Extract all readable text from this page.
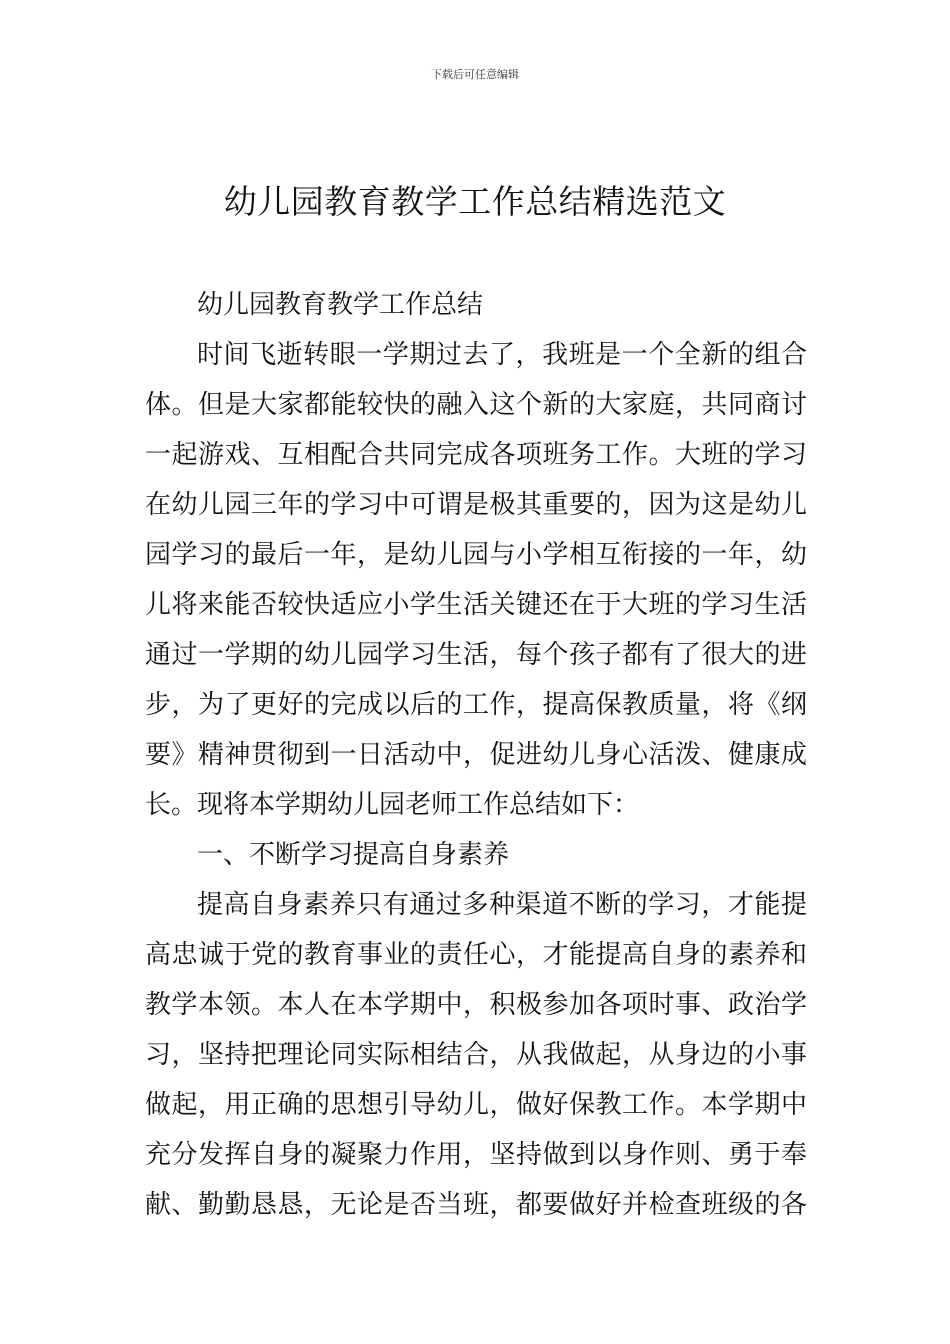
下载后可任意编辑
幼儿园教育教学工作总结精选范文
幼儿园教育教学工作总结
时间飞逝转眼一学期过去了，我班是一个全新的组合
体。但是大家都能较快的融入这个新的大家庭，共同商讨
一起游戏、互相配合共同完成各项班务工作。大班的学习
在幼儿园三年的学习中可谓是极其重要的，因为这是幼儿
园学习的最后一年，是幼儿园与小学相互衔接的一年，幼
儿将来能否较快适应小学生活关键还在于大班的学习生活
通过一学期的幼儿园学习生活，每个孩子都有了很大的进
步，为了更好的完成以后的工作，提高保教质量，将《纲
要》精神贯彻到一日活动中，促进幼儿身心活泼、健康成
长。现将本学期幼儿园老师工作总结如下：
一、不断学习提高自身素养
提高自身素养只有通过多种渠道不断的学习，才能提
高忠诚于党的教育事业的责任心，才能提高自身的素养和
教学本领。本人在本学期中，积极参加各项时事、政治学
习，坚持把理论同实际相结合，从我做起，从身边的小事
做起，用正确的思想引导幼儿，做好保教工作。本学期中
充分发挥自身的凝聚力作用，坚持做到以身作则、勇于奉
献、勤勤恳恳，无论是否当班，都要做好并检查班级的各
